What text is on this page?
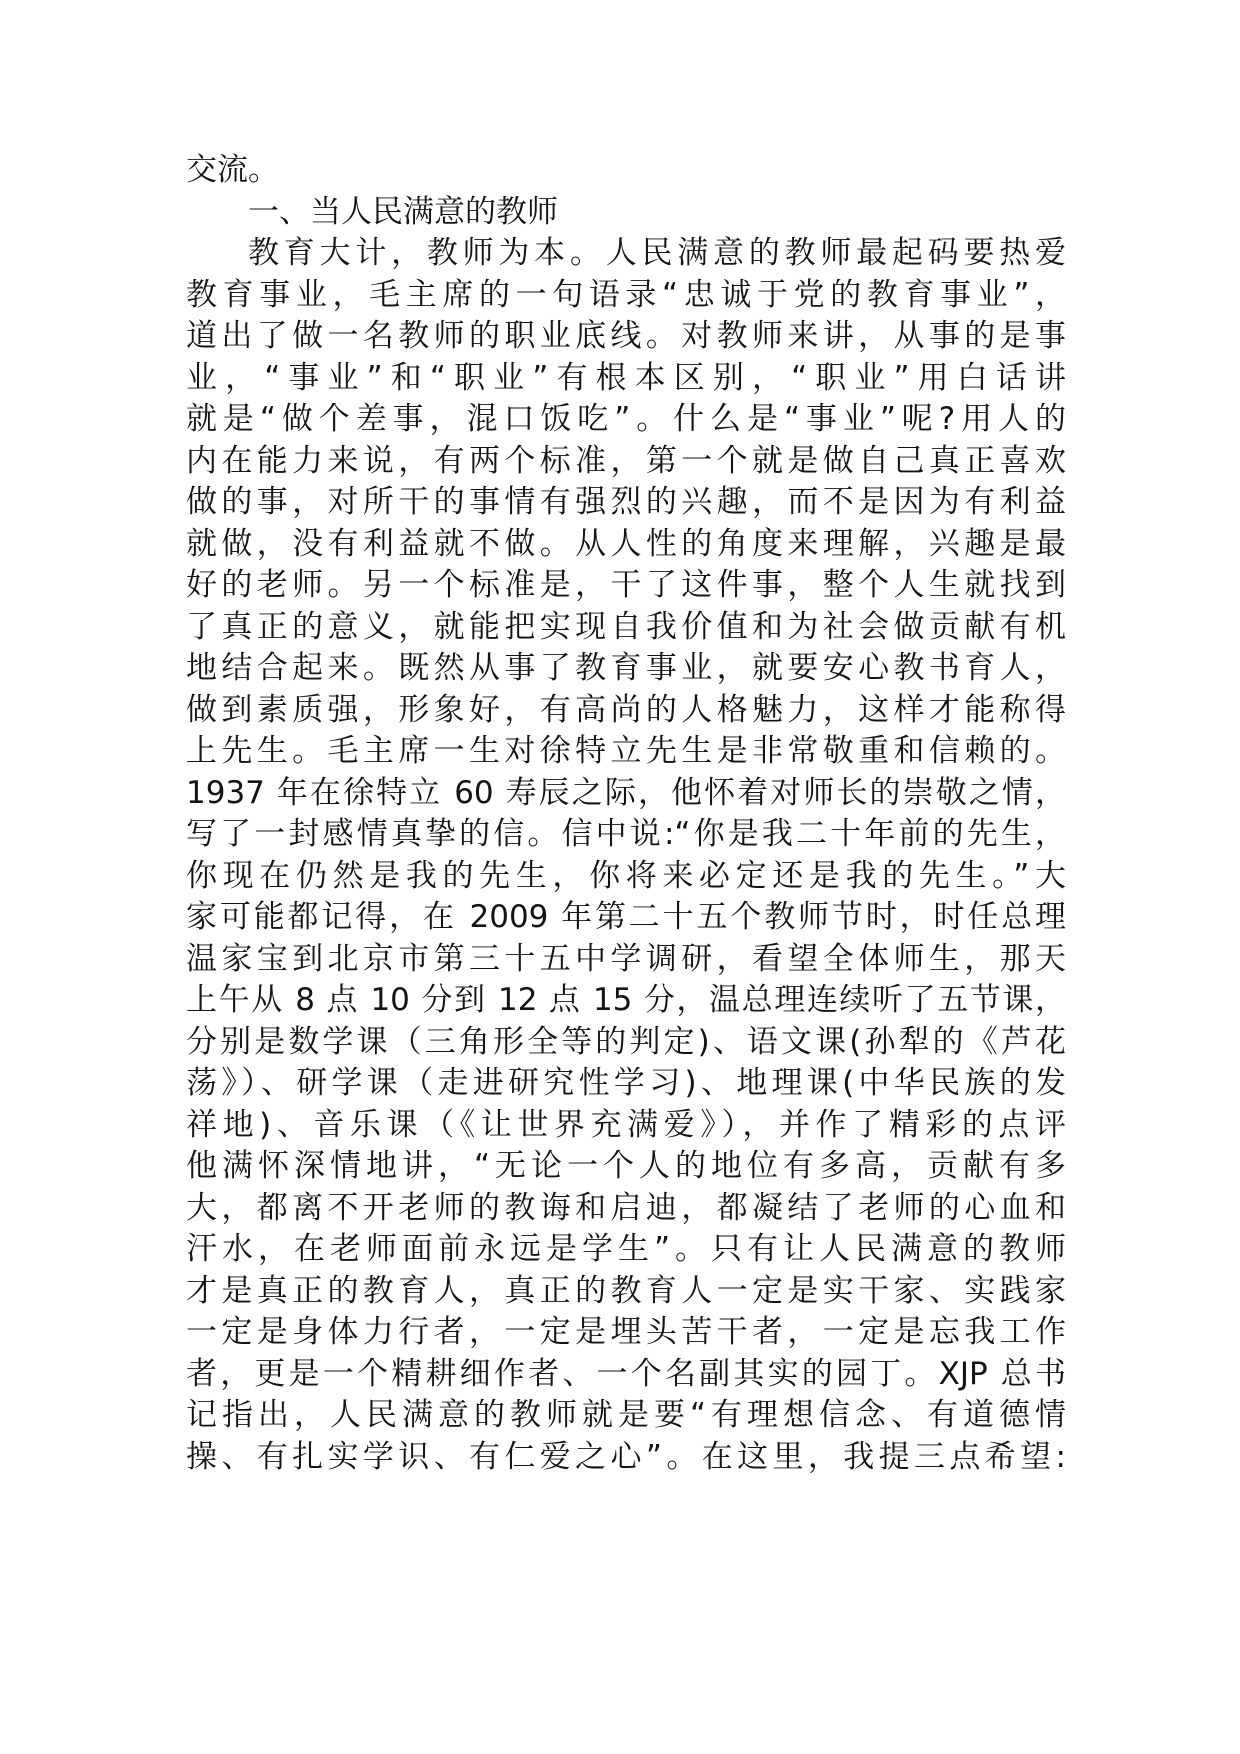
交流。
一、当人民满意的教师
教育大计，教师为本。人民满意的教师最起码要热爱
教育事业，毛主席的一句语录“忠诚于党的教育事业”，
道出了做一名教师的职业底线。对教师来讲，从事的是事
业，“事业”和“职业”有根本区别，“职业”用白话讲
就是“做个差事，混口饭吃”。什么是“事业”呢?用人的
内在能力来说，有两个标准，第一个就是做自己真正喜欢
做的事，对所干的事情有强烈的兴趣，而不是因为有利益
就做，没有利益就不做。从人性的角度来理解，兴趣是最
好的老师。另一个标准是，干了这件事，整个人生就找到
了真正的意义，就能把实现自我价值和为社会做贡献有机
地结合起来。既然从事了教育事业，就要安心教书育人，
做到素质强，形象好，有高尚的人格魅力，这样才能称得
上先生。毛主席一生对徐特立先生是非常敬重和信赖的。
1937 年在徐特立 60 寿辰之际，他怀着对师长的崇敬之情，
写了一封感情真挚的信。信中说:“你是我二十年前的先生，
你现在仍然是我的先生，你将来必定还是我的先生。”大
家可能都记得，在 2009 年第二十五个教师节时，时任总理
温家宝到北京市第三十五中学调研，看望全体师生，那天
上午从 8 点 10 分到 12 点 15 分，温总理连续听了五节课，
分别是数学课（三角形全等的判定)、语文课(孙犁的《芦花
荡》）、研学课（走进研究性学习)、地理课(中华民族的发
祥地)、音乐课（《让世界充满爱》），并作了精彩的点评
他满怀深情地讲，“无论一个人的地位有多高，贡献有多
大，都离不开老师的教诲和启迪，都凝结了老师的心血和
汗水，在老师面前永远是学生”。只有让人民满意的教师
才是真正的教育人，真正的教育人一定是实干家、实践家
一定是身体力行者，一定是埋头苦干者，一定是忘我工作
者，更是一个精耕细作者、一个名副其实的园丁。XJP 总书
记指出，人民满意的教师就是要“有理想信念、有道德情
操、有扎实学识、有仁爱之心”。在这里，我提三点希望:
